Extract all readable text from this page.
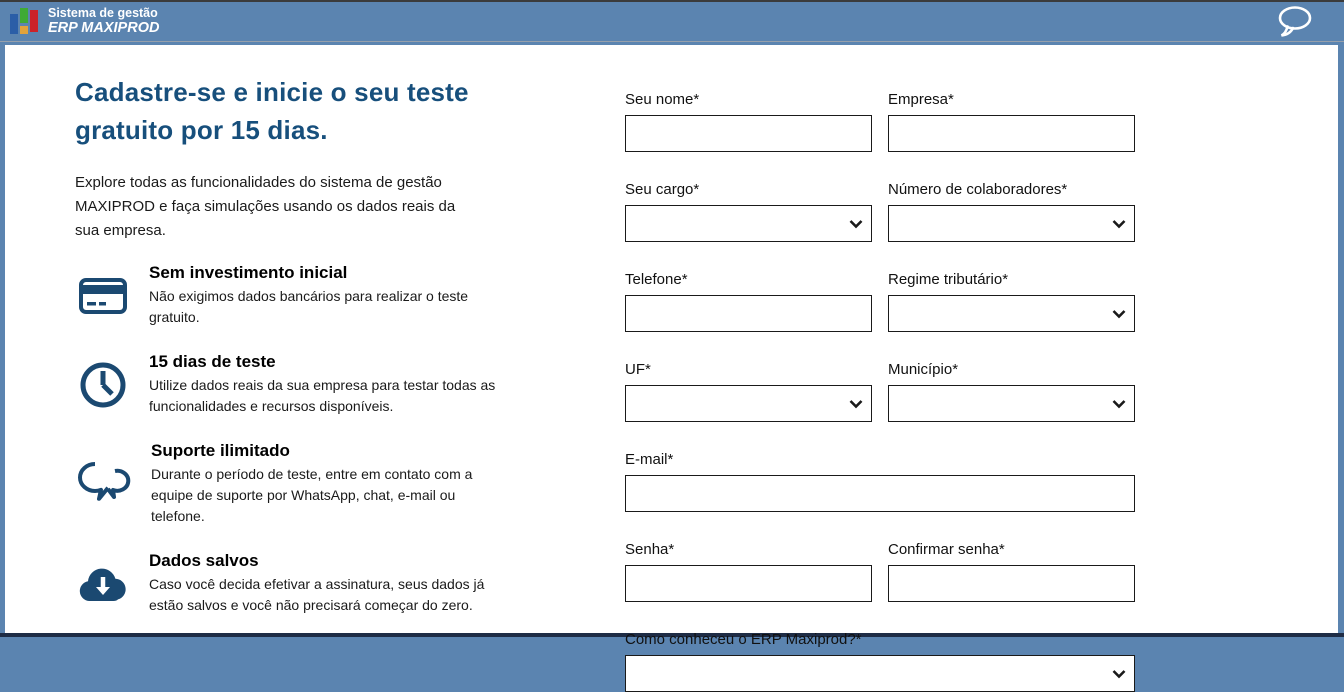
Sistema de gestão
ERP MAXIPROD
Cadastre-se e inicie o seu teste gratuito por 15 dias.

Explore todas as funcionalidades do sistema de gestão MAXIPROD e faça simulações usando os dados reais da sua empresa.

Sem investimento inicial
Não exigimos dados bancários para realizar o teste gratuito.
15 dias de teste
Utilize dados reais da sua empresa para testar todas as funcionalidades e recursos disponíveis.
Suporte ilimitado
Durante o período de teste, entre em contato com a equipe de suporte por WhatsApp, chat, e-mail ou telefone.
Dados salvos
Caso você decida efetivar a assinatura, seus dados já estão salvos e você não precisará começar do zero.
Seu nome*	Empresa*
Seu cargo*	Número de colaboradores*
Telefone*	Regime tributário*
UF*	Município*
E-mail*
Senha*	Confirmar senha*
Como conheceu o ERP Maxiprod?*
